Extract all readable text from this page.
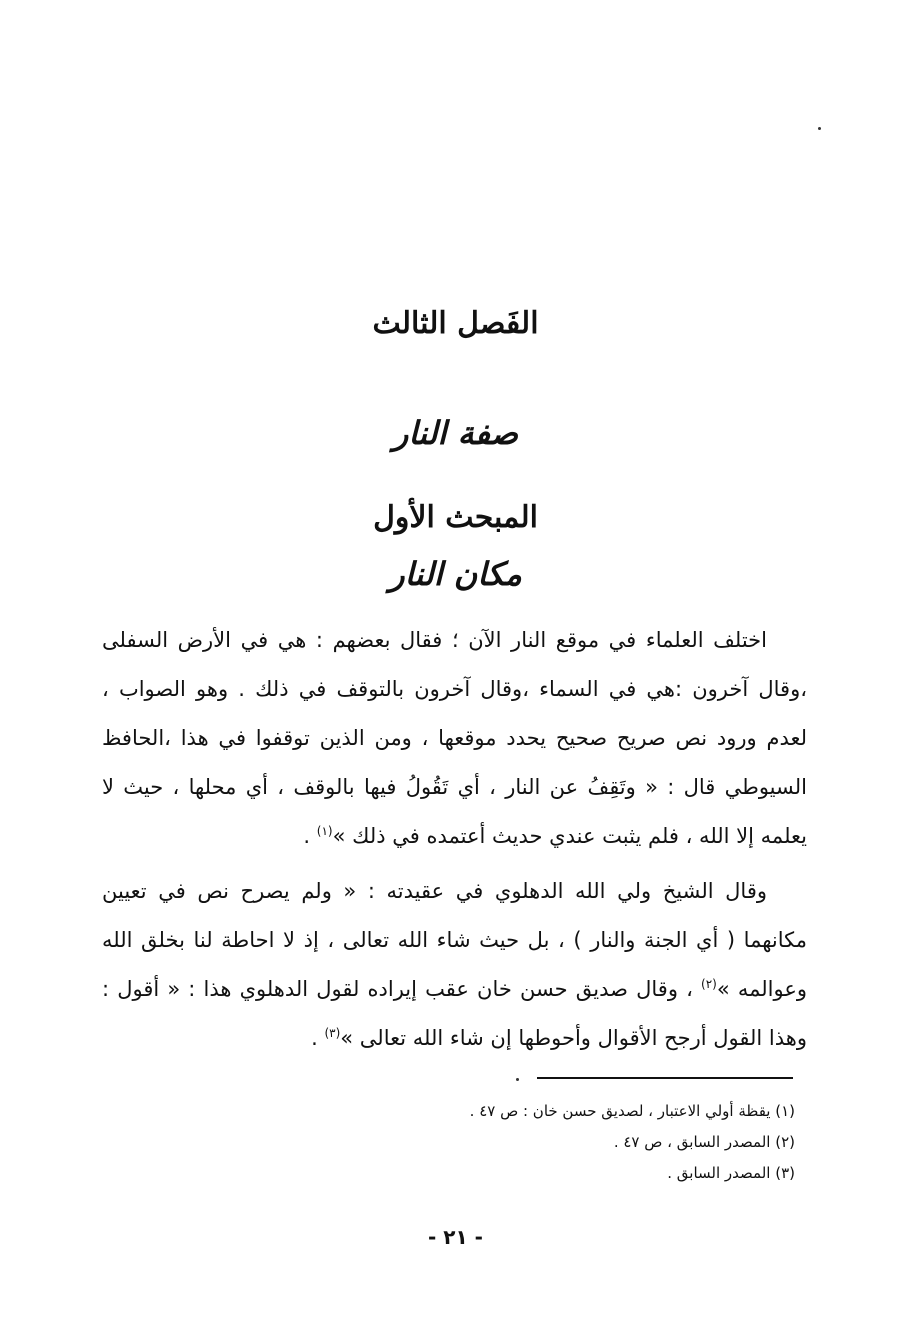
الفَصل الثالث
صفة النار
المبحث الأول
مكان النار

اختلف العلماء في موقع النار الآن ؛ فقال بعضهم : هي في الأرض السفلى ،وقال آخرون :هي في السماء ،وقال آخرون بالتوقف في ذلك . وهو الصواب ، لعدم ورود نص صريح صحيح يحدد موقعها ، ومن الذين توقفوا في هذا ،الحافظ السيوطي قال : « وتَقِفُ عن النار ، أي تَقُولُ فيها بالوقف ، أي محلها ، حيث لا يعلمه إلا الله ، فلم يثبت عندي حديث أعتمده في ذلك »$^{(١)}$ .

وقال الشيخ ولي الله الدهلوي في عقيدته : « ولم يصرح نص في تعيين مكانهما ( أي الجنة والنار ) ، بل حيث شاء الله تعالى ، إذ لا احاطة لنا بخلق الله وعوالمه »$^{(٢)}$ ، وقال صديق حسن خان عقب إيراده لقول الدهلوي هذا : « أقول : وهذا القول أرجح الأقوال وأحوطها إن شاء الله تعالى »$^{(٣)}$ .

(١) يقظة أولي الاعتبار ، لصديق حسن خان : ص ٤٧ .
(٢) المصدر السابق ، ص ٤٧ .
(٣) المصدر السابق .
- ٢١ -
